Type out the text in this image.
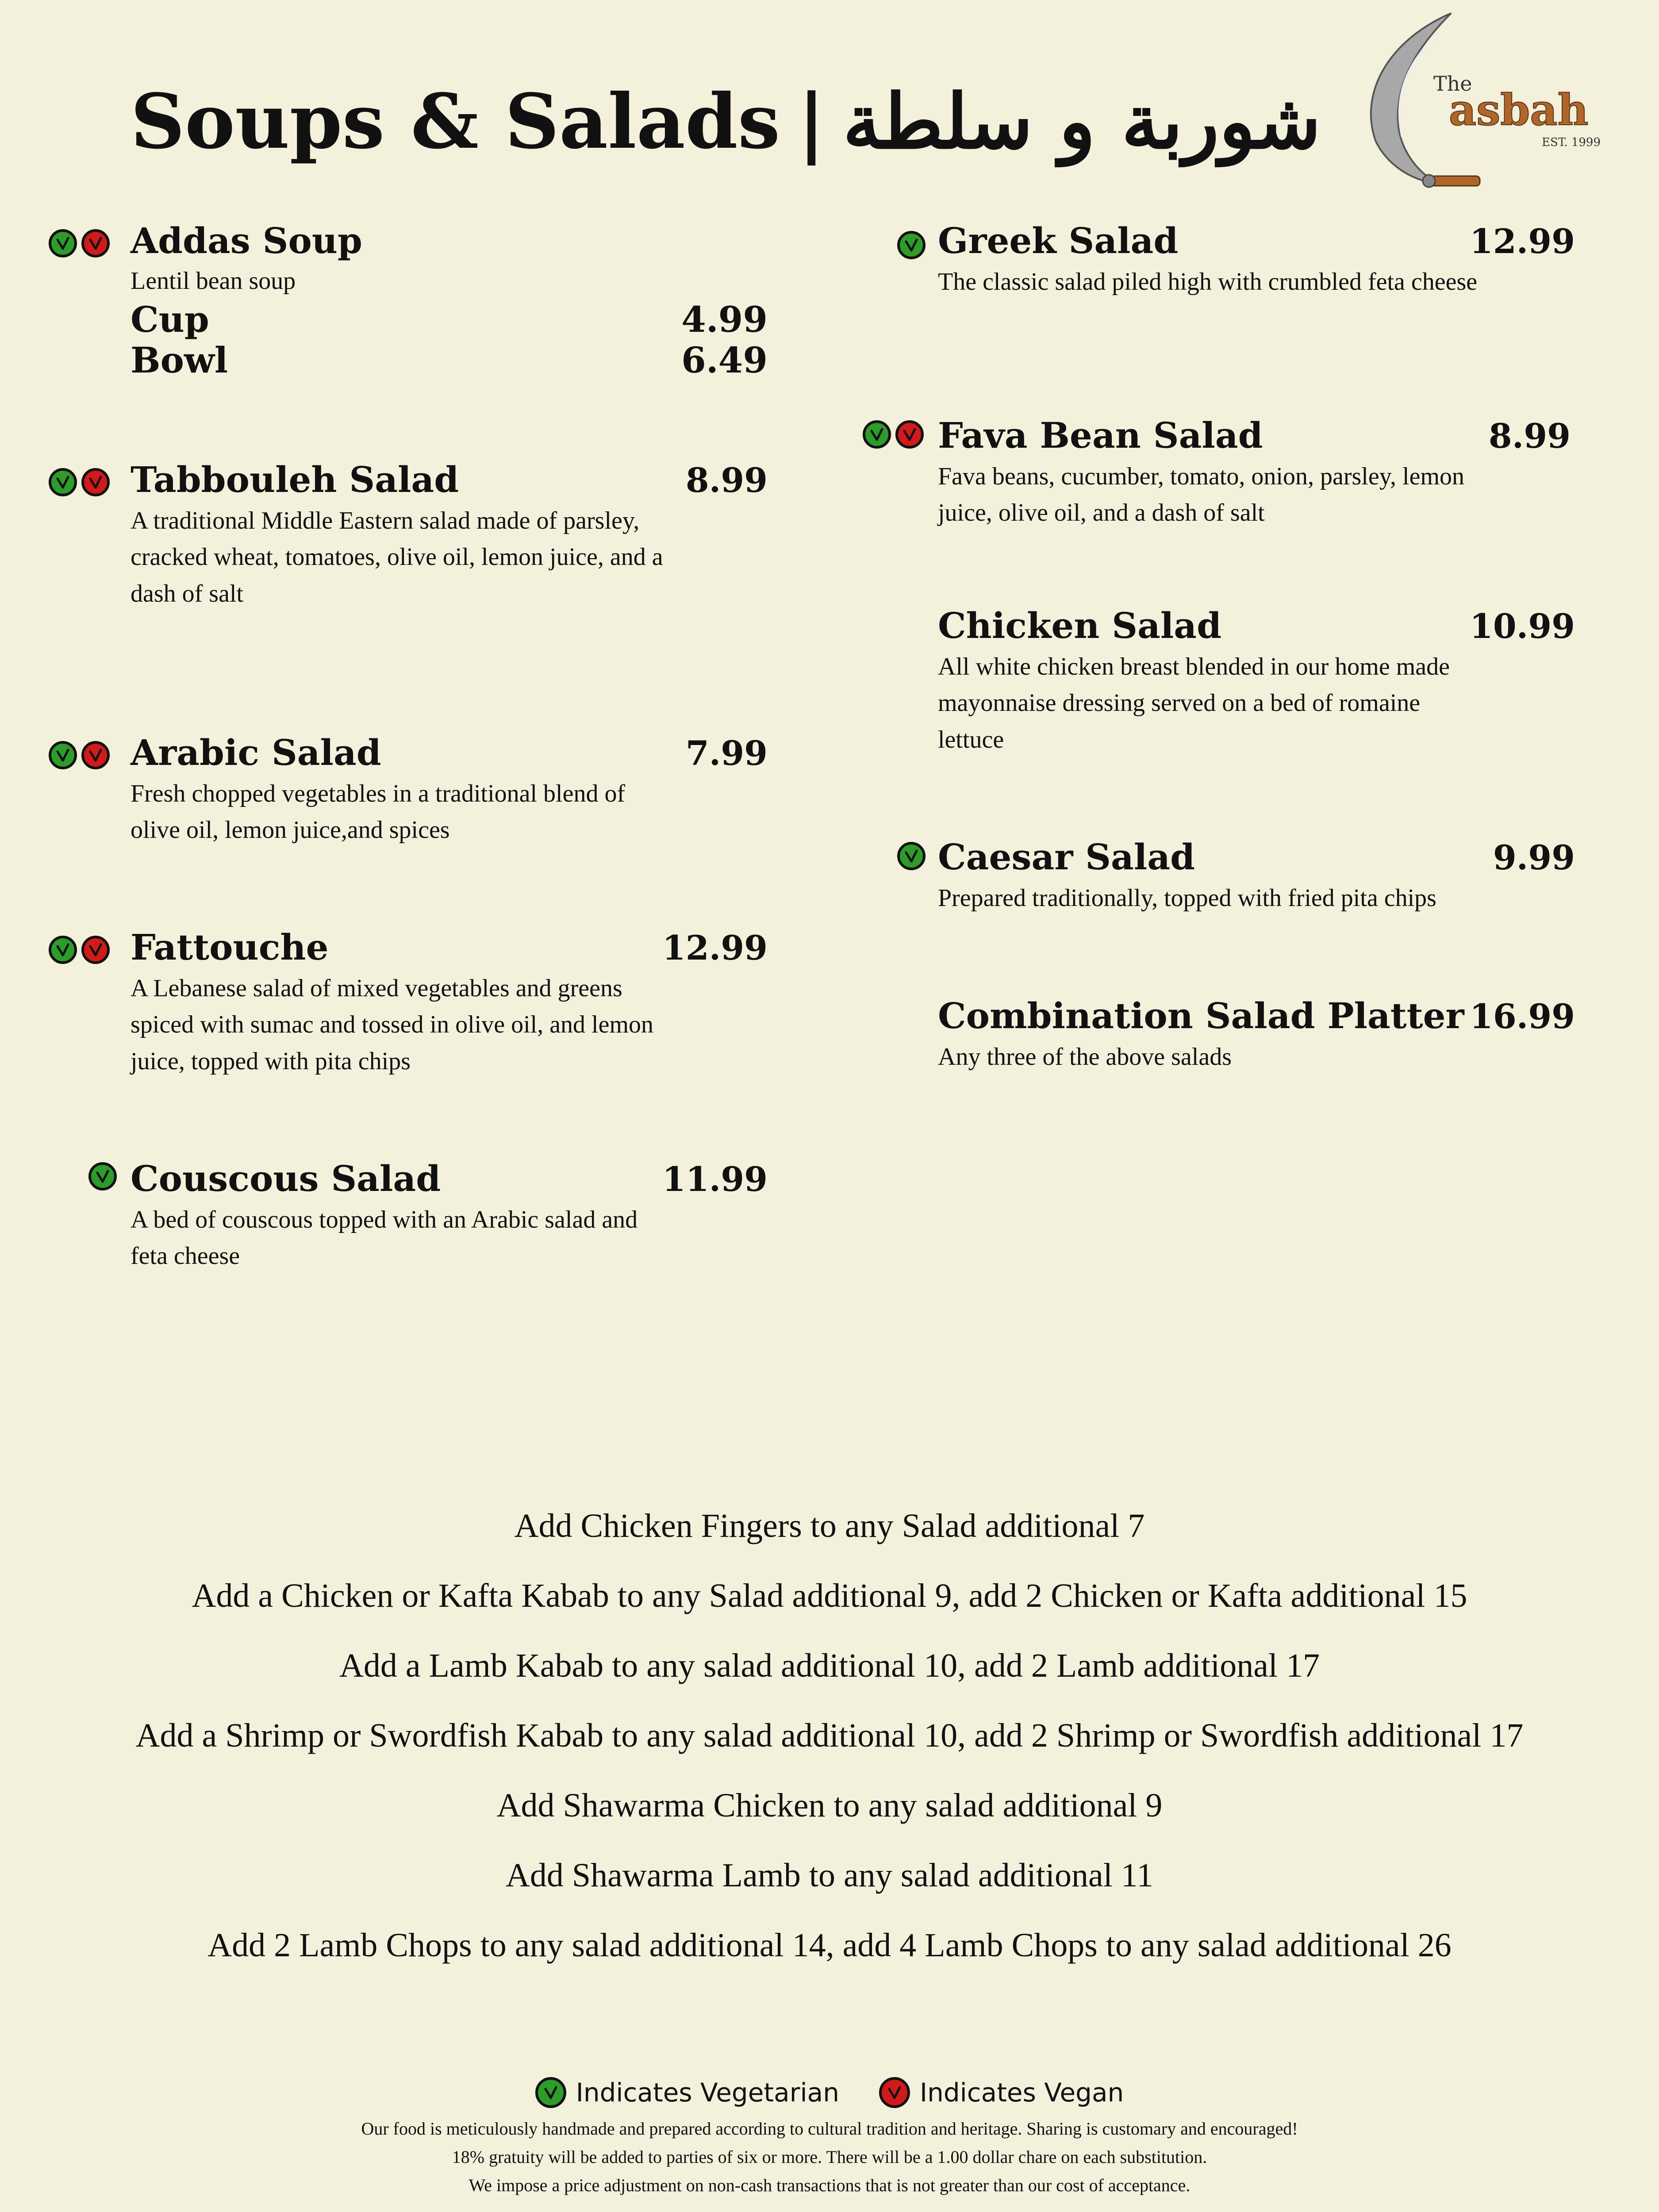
Soups & Salads | شوربة و سلطة	The
asbah
EST. 1999
Addas Soup
Lentil bean soup
Cup	4.99
Bowl	6.49
Tabbouleh Salad	8.99
A traditional Middle Eastern salad made of parsley, cracked wheat, tomatoes, olive oil, lemon juice, and a dash of salt
Arabic Salad	7.99
Fresh chopped vegetables in a traditional blend of olive oil, lemon juice,and spices
Fattouche	12.99
A Lebanese salad of mixed vegetables and greens spiced with sumac and tossed in olive oil, and lemon juice, topped with pita chips
Couscous Salad	11.99
A bed of couscous topped with an Arabic salad and feta cheese
Greek Salad	12.99
The classic salad piled high with crumbled feta cheese
Fava Bean Salad	8.99
Fava beans, cucumber, tomato, onion, parsley, lemon juice, olive oil, and a dash of salt
Chicken Salad	10.99
All white chicken breast blended in our home made mayonnaise dressing served on a bed of romaine lettuce
Caesar Salad	9.99
Prepared traditionally, topped with fried pita chips
Combination Salad Platter 16.99
Any three of the above salads

Add Chicken Fingers to any Salad additional 7

Add a Chicken or Kafta Kabab to any Salad additional 9, add 2 Chicken or Kafta additional 15

Add a Lamb Kabab to any salad additional 10, add 2 Lamb additional 17

Add a Shrimp or Swordfish Kabab to any salad additional 10, add 2 Shrimp or Swordfish additional 17

Add Shawarma Chicken to any salad additional 9

Add Shawarma Lamb to any salad additional 11

Add 2 Lamb Chops to any salad additional 14, add 4 Lamb Chops to any salad additional 26

Indicates Vegetarian	Indicates Vegan

Our food is meticulously handmade and prepared according to cultural tradition and heritage. Sharing is customary and encouraged!

18% gratuity will be added to parties of six or more. There will be a 1.00 dollar chare on each substitution.

We impose a price adjustment on non-cash transactions that is not greater than our cost of acceptance.
